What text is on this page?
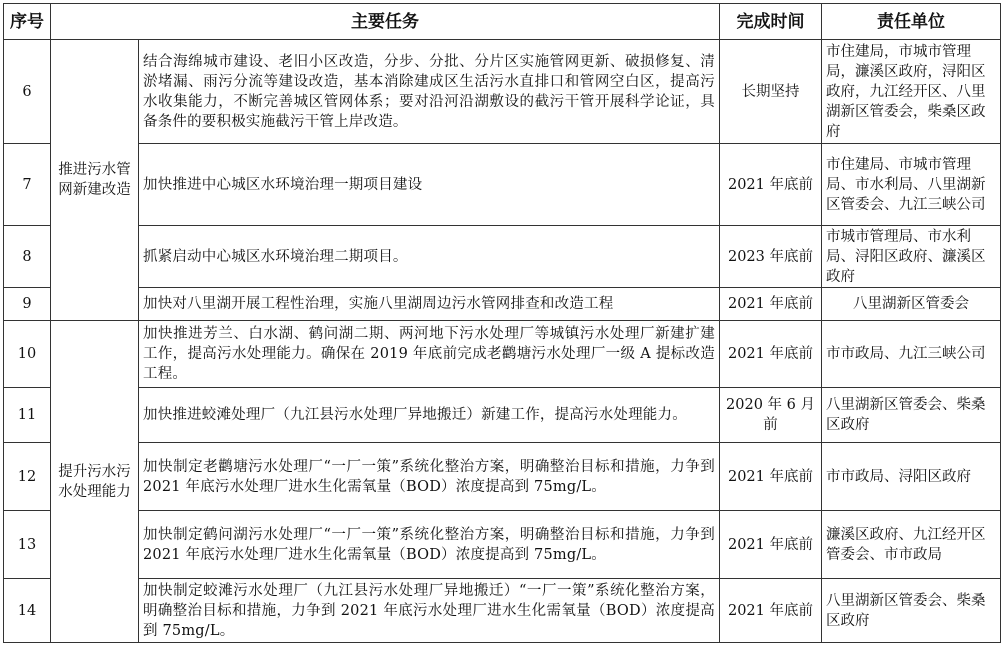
序号	主要任务		完成时间	责任单位
6	推进污水管网新建改造	结合海绵城市建设、老旧小区改造，分步、分批、分片区实施管网更新、破损修复、清淤堵漏、雨污分流等建设改造，基本消除建成区生活污水直排口和管网空白区，提高污水收集能力，不断完善城区管网体系；要对沿河沿湖敷设的截污干管开展科学论证，具备条件的要积极实施截污干管上岸改造。	长期坚持	市住建局，市城市管理局，濂溪区政府，浔阳区政府，九江经开区、八里湖新区管委会，柴桑区政府
7		加快推进中心城区水环境治理一期项目建设	2021 年底前	市住建局、市城市管理局、市水利局、八里湖新区管委会、九江三峡公司
8		抓紧启动中心城区水环境治理二期项目。	2023 年底前	市城市管理局、市水利局、浔阳区政府、濂溪区政府
9		加快对八里湖开展工程性治理，实施八里湖周边污水管网排查和改造工程	2021 年底前	八里湖新区管委会
10	提升污水污水处理能力	加快推进芳兰、白水湖、鹤问湖二期、两河地下污水处理厂等城镇污水处理厂新建扩建工作，提高污水处理能力。确保在 2019 年底前完成老鹳塘污水处理厂一级 A 提标改造工程。	2021 年底前	市市政局、九江三峡公司
11		加快推进蛟滩处理厂（九江县污水处理厂异地搬迁）新建工作，提高污水处理能力。	2020 年 6 月前	八里湖新区管委会、柴桑区政府
12		加快制定老鹳塘污水处理厂“一厂一策”系统化整治方案，明确整治目标和措施，力争到 2021 年底污水处理厂进水生化需氧量（BOD）浓度提高到 75mg/L。	2021 年底前	市市政局、浔阳区政府
13		加快制定鹤问湖污水处理厂“一厂一策”系统化整治方案，明确整治目标和措施，力争到 2021 年底污水处理厂进水生化需氧量（BOD）浓度提高到 75mg/L。	2021 年底前	濂溪区政府、九江经开区管委会、市市政局
14		加快制定蛟滩污水处理厂（九江县污水处理厂异地搬迁）“一厂一策”系统化整治方案，明确整治目标和措施，力争到 2021 年底污水处理厂进水生化需氧量（BOD）浓度提高到 75mg/L。	2021 年底前	八里湖新区管委会、柴桑区政府
